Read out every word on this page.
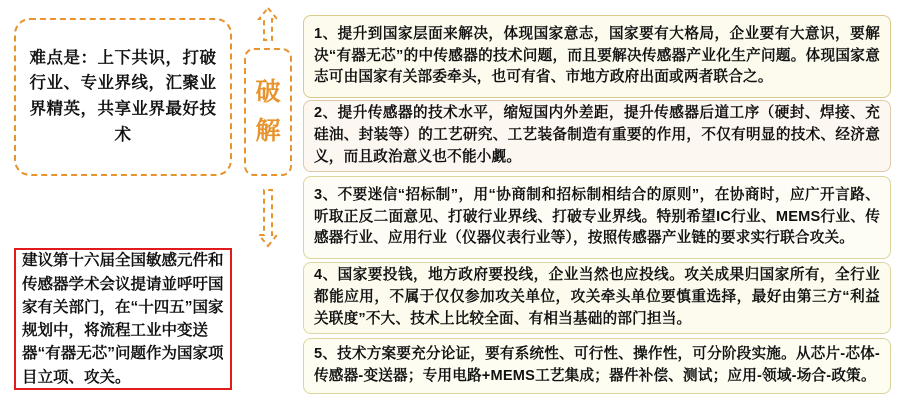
难点是：上下共识，打破行业、专业界线，汇聚业界精英，共享业界最好技术
建议第十六届全国敏感元件和传感器学术会议提请並呼吁国家有关部门，在“十四五”国家规划中，将流程工业中变送器“有器无芯”问题作为国家项目立项、攻关。
破
解
1、提升到国家层面来解决，体现国家意志，国家要有大格局，企业要有大意识，要解决“有器无芯”的中传感器的技术问题，而且要解决传感器产业化生产问题。体现国家意志可由国家有关部委牵头，也可有省、市地方政府出面或两者联合之。
2、提升传感器的技术水平，缩短国内外差距，提升传感器后道工序（硬封、焊接、充硅油、封装等）的工艺研究、工艺装备制造有重要的作用，不仅有明显的技术、经济意义，而且政治意义也不能小觑。
3、不要迷信“招标制”，用“协商制和招标制相结合的原则”，在协商时，应广开言路、听取正反二面意见、打破行业界线、打破专业界线。特别希望IC行业、MEMS行业、传感器行业、应用行业（仪器仪表行业等），按照传感器产业链的要求实行联合攻关。
4、国家要投钱，地方政府要投线，企业当然也应投线。攻关成果归国家所有，全行业都能应用，不属于仅仅参加攻关单位，攻关牵头单位要慎重选择，最好由第三方“利益关联度”不大、技术上比较全面、有相当基础的部门担当。
5、技术方案要充分论证，要有系统性、可行性、操作性，可分阶段实施。从芯片-芯体-传感器-变送器；专用电路+MEMS工艺集成；器件补偿、测试；应用-领域-场合-政策。
